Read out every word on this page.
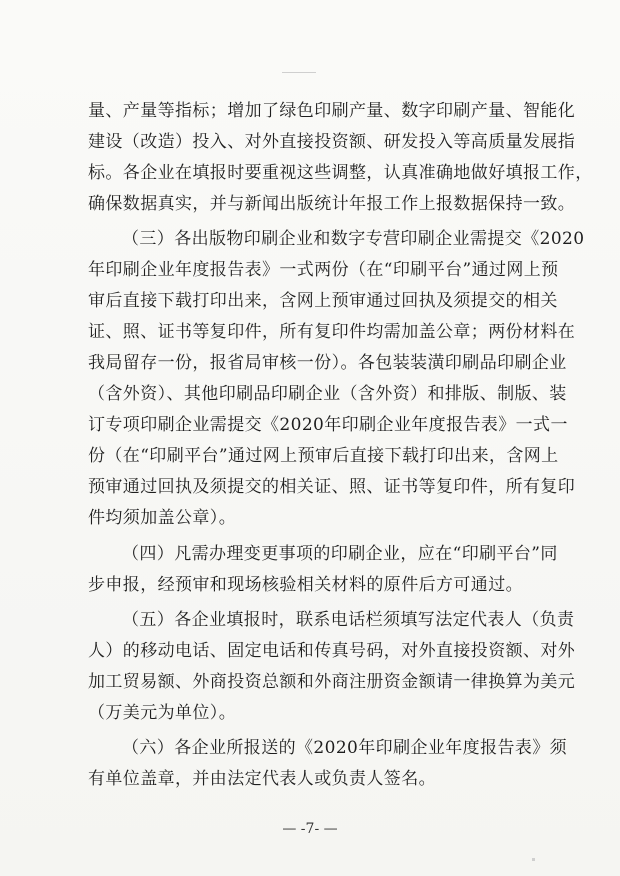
量、产量等指标；增加了绿色印刷产量、数字印刷产量、智能化
建设（改造）投入、对外直接投资额、研发投入等高质量发展指
标。各企业在填报时要重视这些调整，认真准确地做好填报工作，
确保数据真实，并与新闻出版统计年报工作上报数据保持一致。
（三）各出版物印刷企业和数字专营印刷企业需提交《2020
年印刷企业年度报告表》一式两份（在“印刷平台”通过网上预
审后直接下载打印出来，含网上预审通过回执及须提交的相关
证、照、证书等复印件，所有复印件均需加盖公章；两份材料在
我局留存一份，报省局审核一份）。各包装装潢印刷品印刷企业
（含外资）、其他印刷品印刷企业（含外资）和排版、制版、装
订专项印刷企业需提交《2020年印刷企业年度报告表》一式一
份（在“印刷平台”通过网上预审后直接下载打印出来，含网上
预审通过回执及须提交的相关证、照、证书等复印件，所有复印
件均须加盖公章）。
（四）凡需办理变更事项的印刷企业，应在“印刷平台”同
步申报，经预审和现场核验相关材料的原件后方可通过。
（五）各企业填报时，联系电话栏须填写法定代表人（负责
人）的移动电话、固定电话和传真号码，对外直接投资额、对外
加工贸易额、外商投资总额和外商注册资金额请一律换算为美元
（万美元为单位）。
（六）各企业所报送的《2020年印刷企业年度报告表》须
有单位盖章，并由法定代表人或负责人签名。
— -7- —
